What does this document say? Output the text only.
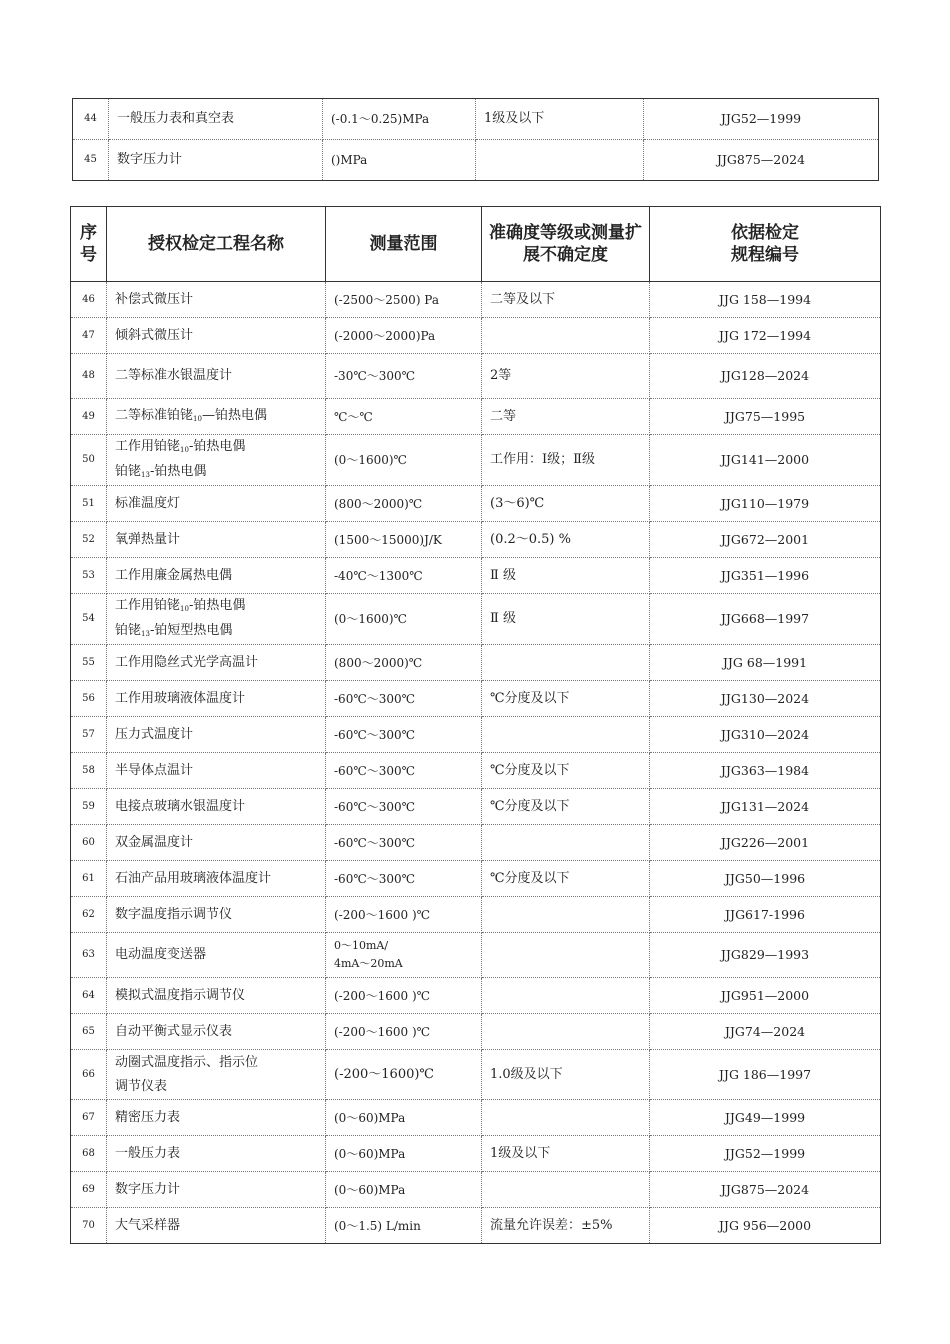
44	一般压力表和真空表	(-0.1～0.25)MPa	1级及以下	JJG52—1999
45	数字压力计	()MPa		JJG875—2024
序号	授权检定工程名称	测量范围	准确度等级或测量扩展不确定度	依据检定
规程编号

46	补偿式微压计	(-2500～2500) Pa	二等及以下	JJG 158—1994
47	倾斜式微压计	(-2000～2000)Pa		JJG 172—1994
48	二等标准水银温度计	-30℃～300℃	2等	JJG128—2024
49	二等标准铂铑10—铂热电偶	℃～℃	二等	JJG75—1995
50	工作用铂铑10-铂热电偶
铂铑13-铂热电偶	(0～1600)℃	工作用：Ⅰ级；Ⅱ级	JJG141—2000
51	标准温度灯	(800～2000)℃	(3～6)℃	JJG110—1979
52	氧弹热量计	(1500～15000)J/K	(0.2～0.5) %	JJG672—2001
53	工作用廉金属热电偶	-40℃～1300℃	Ⅱ 级	JJG351—1996
54	工作用铂铑10-铂热电偶
铂铑13-铂短型热电偶	(0～1600)℃	Ⅱ 级	JJG668—1997
55	工作用隐丝式光学高温计	(800～2000)℃		JJG 68—1991
56	工作用玻璃液体温度计	-60℃～300℃	℃分度及以下	JJG130—2024
57	压力式温度计	-60℃～300℃		JJG310—2024
58	半导体点温计	-60℃～300℃	℃分度及以下	JJG363—1984
59	电接点玻璃水银温度计	-60℃～300℃	℃分度及以下	JJG131—2024
60	双金属温度计	-60℃～300℃		JJG226—2001
61	石油产品用玻璃液体温度计	-60℃～300℃	℃分度及以下	JJG50—1996
62	数字温度指示调节仪	(-200～1600 )℃		JJG617-1996
63	电动温度变送器	0～10mA/
4mA～20mA		JJG829—1993
64	模拟式温度指示调节仪	(-200～1600 )℃		JJG951—2000
65	自动平衡式显示仪表	(-200～1600 )℃		JJG74—2024
66	动圈式温度指示、指示位
调节仪表	(-200～1600)℃	1.0级及以下	JJG 186—1997
67	精密压力表	(0～60)MPa		JJG49—1999
68	一般压力表	(0～60)MPa	1级及以下	JJG52—1999
69	数字压力计	(0～60)MPa		JJG875—2024
70	大气采样器	(0～1.5) L/min	流量允许误差：±5%	JJG 956—2000
